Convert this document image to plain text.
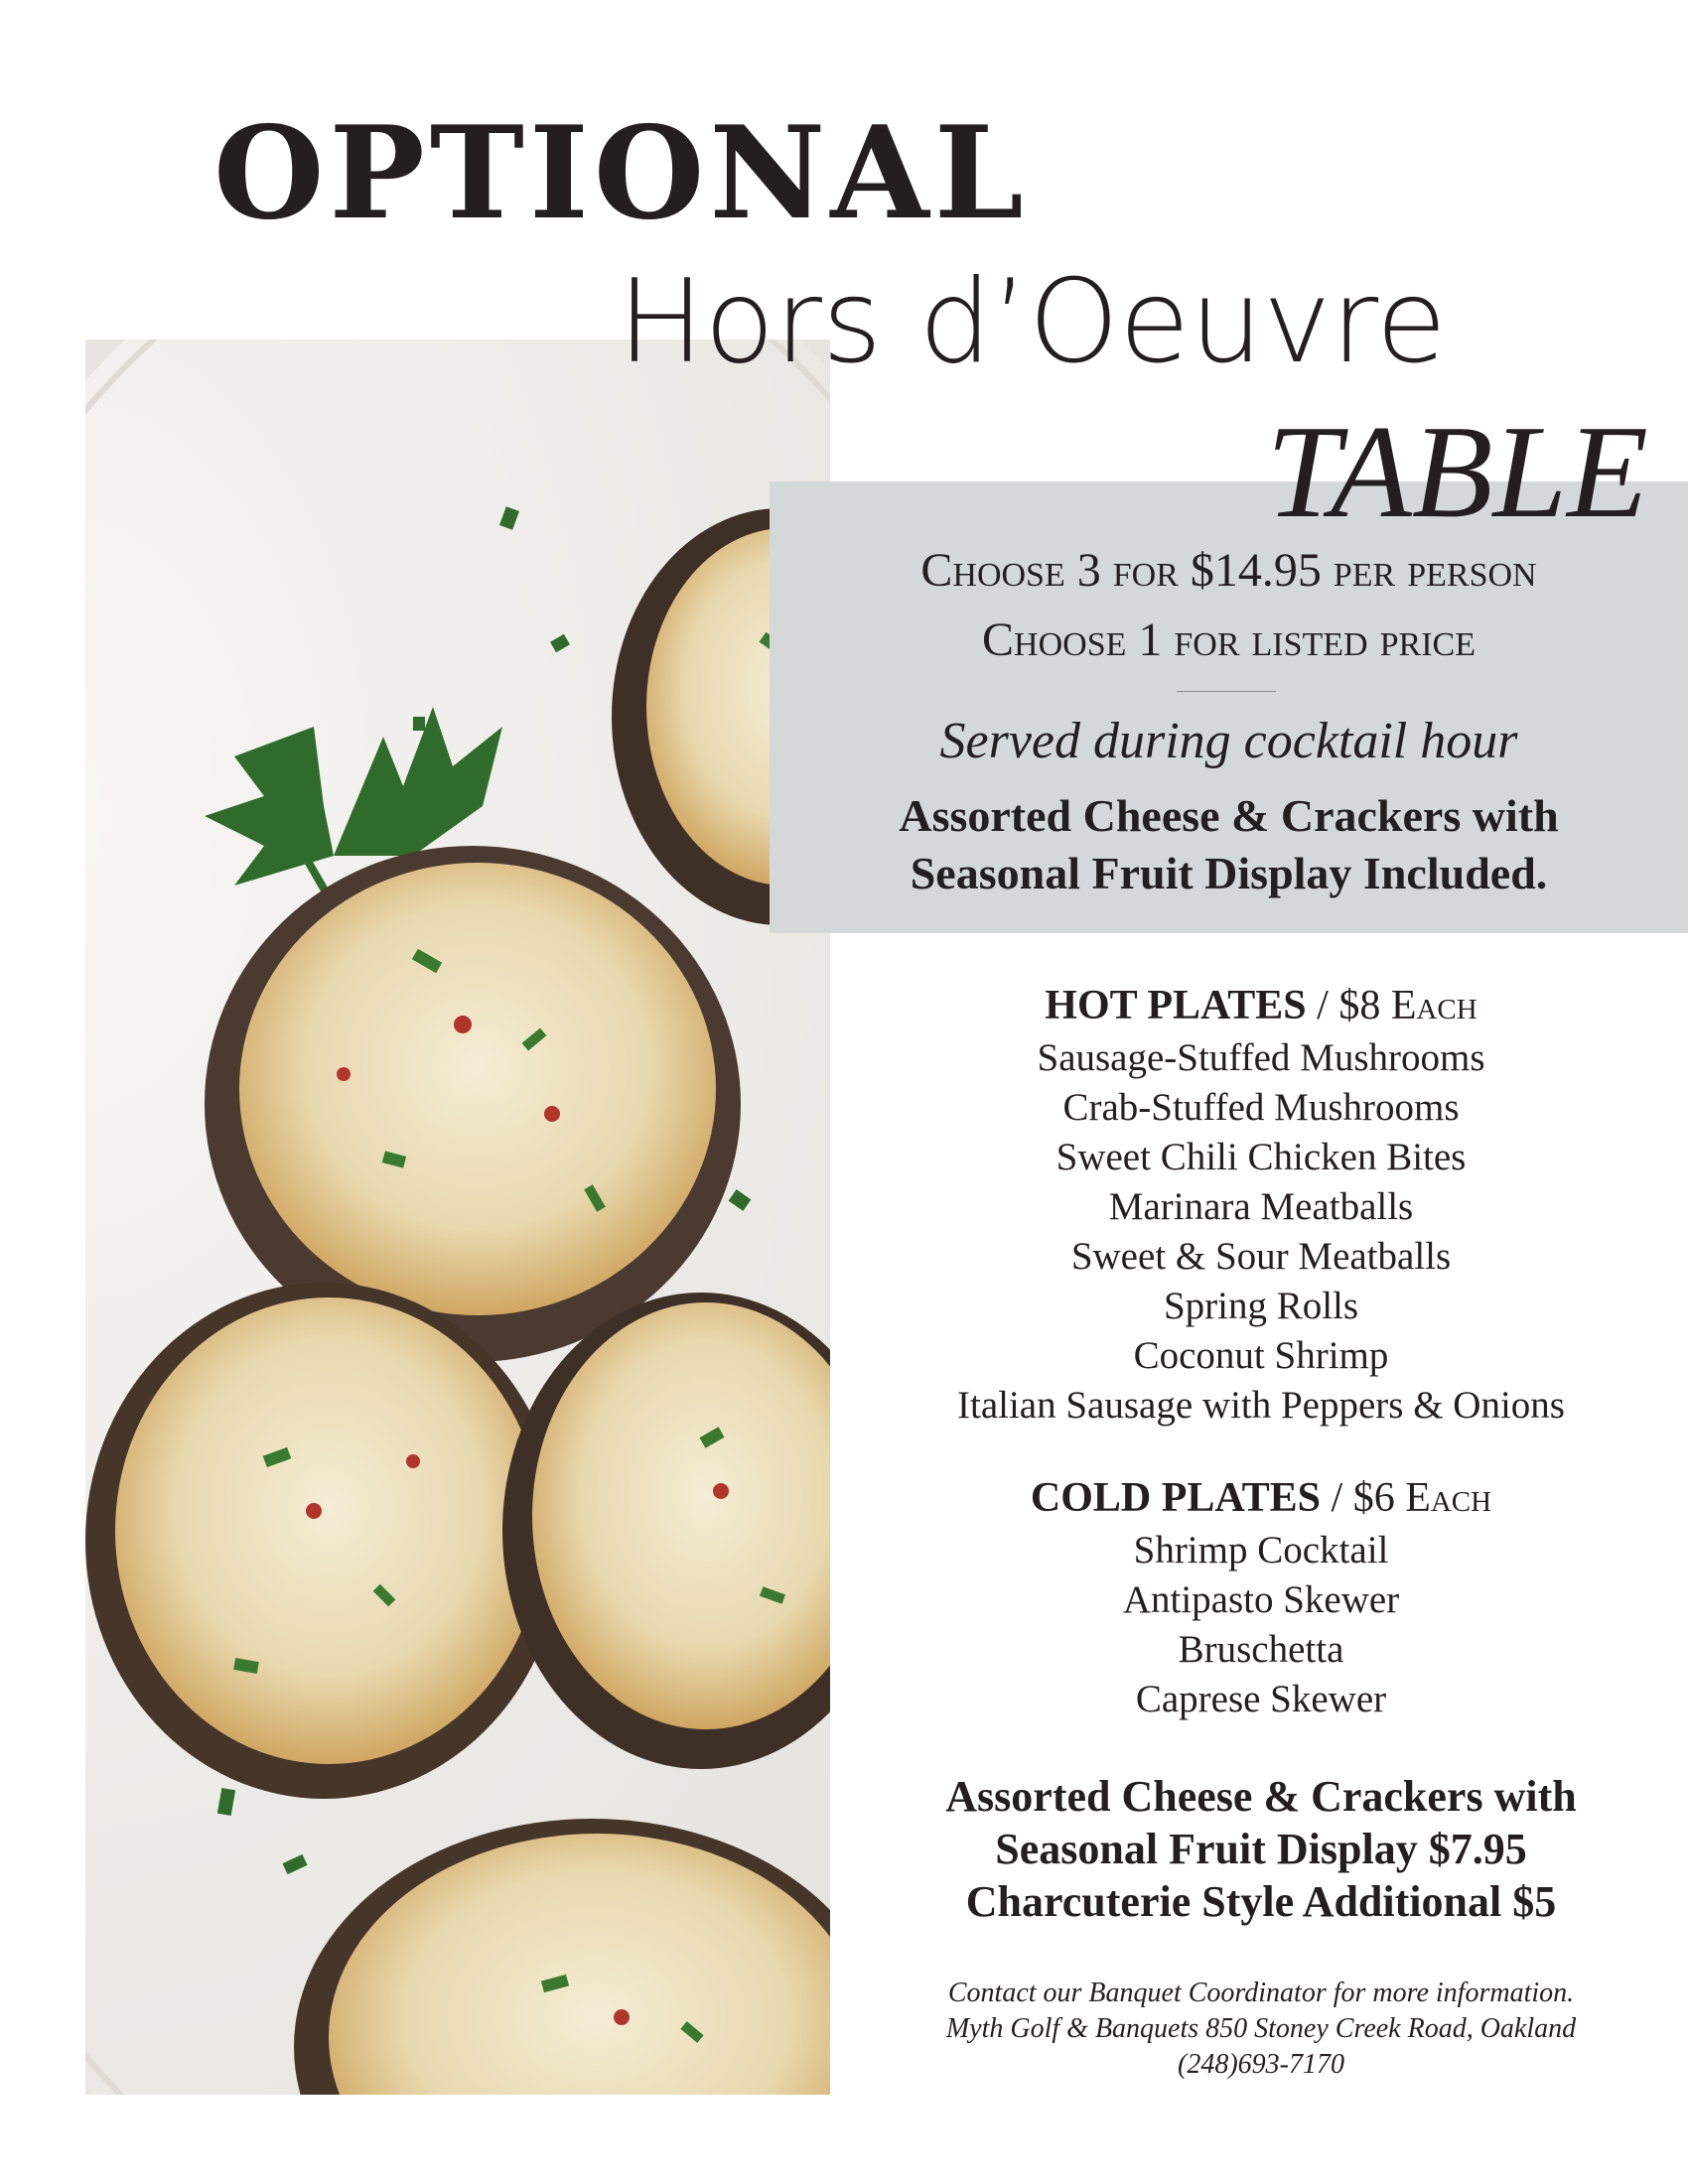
OPTIONAL
Hors d’Oeuvre
TABLE
Choose 3 for $14.95 per person
Choose 1 for listed price
Served during cocktail hour
Assorted Cheese & Crackers with
Seasonal Fruit Display Included.
HOT PLATES / $8 Each
Sausage-Stuffed Mushrooms
Crab-Stuffed Mushrooms
Sweet Chili Chicken Bites
Marinara Meatballs
Sweet & Sour Meatballs
Spring Rolls
Coconut Shrimp
Italian Sausage with Peppers & Onions
COLD PLATES / $6 Each
Shrimp Cocktail
Antipasto Skewer
Bruschetta
Caprese Skewer
Assorted Cheese & Crackers with
Seasonal Fruit Display $7.95
Charcuterie Style Additional $5
Contact our Banquet Coordinator for more information.
Myth Golf & Banquets 850 Stoney Creek Road, Oakland
(248)693-7170
